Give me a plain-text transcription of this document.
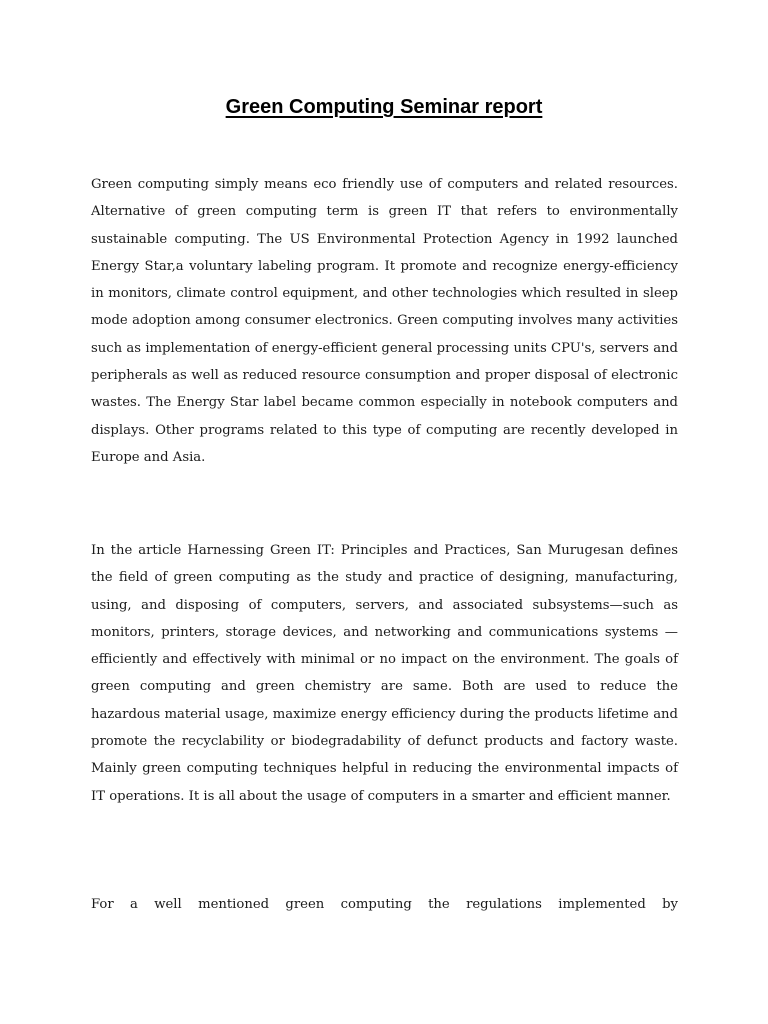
Green Computing Seminar report

Green computing simply means eco friendly use of computers and related resources. Alternative of green computing term is green IT that refers to environmentally sustainable computing. The US Environmental Protection Agency in 1992 launched Energy Star,a voluntary labeling program. It promote and recognize energy-efficiency in monitors, climate control equipment, and other technologies which resulted in sleep mode adoption among consumer electronics. Green computing involves many activities such as implementation of energy-efficient general processing units CPU's, servers and peripherals as well as reduced resource consumption and proper disposal of electronic wastes. The Energy Star label became common especially in notebook computers and displays. Other programs related to this type of computing are recently developed in Europe and Asia.

In the article Harnessing Green IT: Principles and Practices, San Murugesan defines the field of green computing as the study and practice of designing, manufacturing, using, and disposing of computers, servers, and associated subsystems—such as monitors, printers, storage devices, and networking and communications systems — efficiently and effectively with minimal or no impact on the environment. The goals of green computing and green chemistry are same. Both are used to reduce the hazardous material usage, maximize energy efficiency during the products lifetime and promote the recyclability or biodegradability of defunct products and factory waste. Mainly green computing techniques helpful in reducing the environmental impacts of IT operations. It is all about the usage of computers in a smarter and efficient manner.

For a well mentioned green computing the regulations implemented by
